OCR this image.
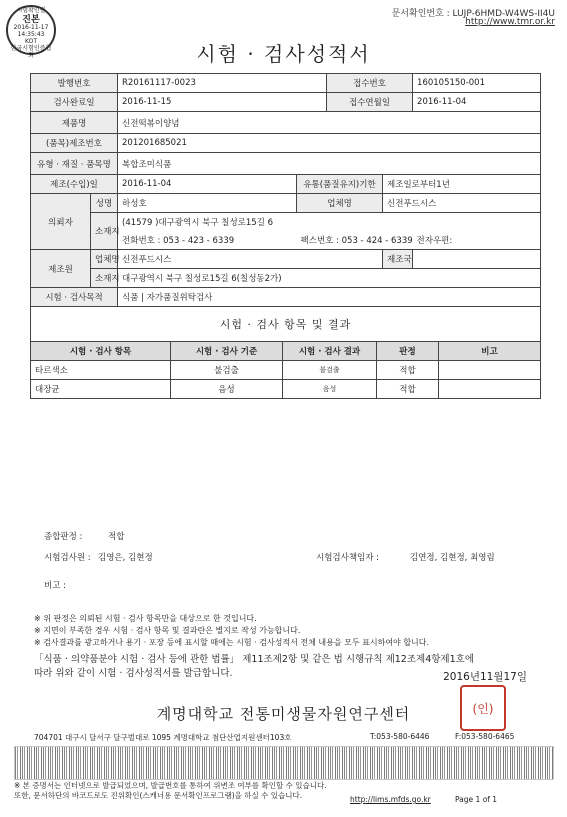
시험확인필
진본
2016-11-17
14:35:43
KOT
한국시험인증협회
문서확인번호 : LUJP-6HMD-W4WS-II4U
http://www.tmr.or.kr
시험 · 검사성적서
발행번호		R20161117-0023		접수번호		160105150-001
검사완료일		2016-11-15		접수연월일		2016-11-04
제품명		신전떡볶이양념				
(품목)제조번호		201201685021				
유형 · 재질 · 품목명		복합조미식품				
제조(수입)일		2016-11-04	유통(품질유지)기한		제조일로부터1년	
의뢰자	성명	하성호	업체명		신전푸드시스	
	소재지	(41579 )대구광역시 북구 칠성로15길 6				
		전화번호 : 053 - 423 - 6339	팩스번호 : 053 - 424 - 6339			전자우편:
제조원	업체명	신전푸드시스			제조국	
	소재지	대구광역시 북구 칠성로15길 6(칠성동2가)				
시험 · 검사목적		식품 | 자가품질위탁검사				
시험 · 검사 항목 및 결과				
시험 · 검사 항목	시험 · 검사 기준	시험 · 검사 결과	판정	비고
타르색소	불검출	불검출	적합	
대장균	음성	음성	적합	
종합판정 :	적합
시험검사원 : 김영은, 김현정	시험검사책임자 :	김연정, 김현정, 최영림
비고 :
※ 위 판정은 의뢰된 시험 · 검사 항목만을 대상으로 한 것입니다.
※ 지면이 부족한 경우 시험 · 검사 항목 및 결과란은 별지로 작성 가능합니다.
※ 검사결과를 광고하거나 용기 · 포장 등에 표시할 때에는 시험 · 검사성적서 전체 내용을 모두 표시하여야 합니다.
「식품 · 의약품분야 시험 · 검사 등에 관한 법률」 제11조제2항 및 같은 법 시행규칙 제12조제4항제1호에
따라 위와 같이 시험 · 검사성적서를 발급합니다.	2016년11월17일
계명대학교 전통미생물자원연구센터	(인)
704701 대구시 달서구 달구벌대로 1095 계명대학교 첨단산업지원센터103호	T:053-580-6446	F:053-580-6465
※ 본 증명서는 인터넷으로 발급되었으며, 발급번호를 통하여 위변조 여부를 확인할 수 있습니다.
또한, 문서하단의 바코드로도 진위확인(스캐너용 문서확인프로그램)을 하실 수 있습니다.	http://lims.mfds.go.kr	Page 1 of 1
